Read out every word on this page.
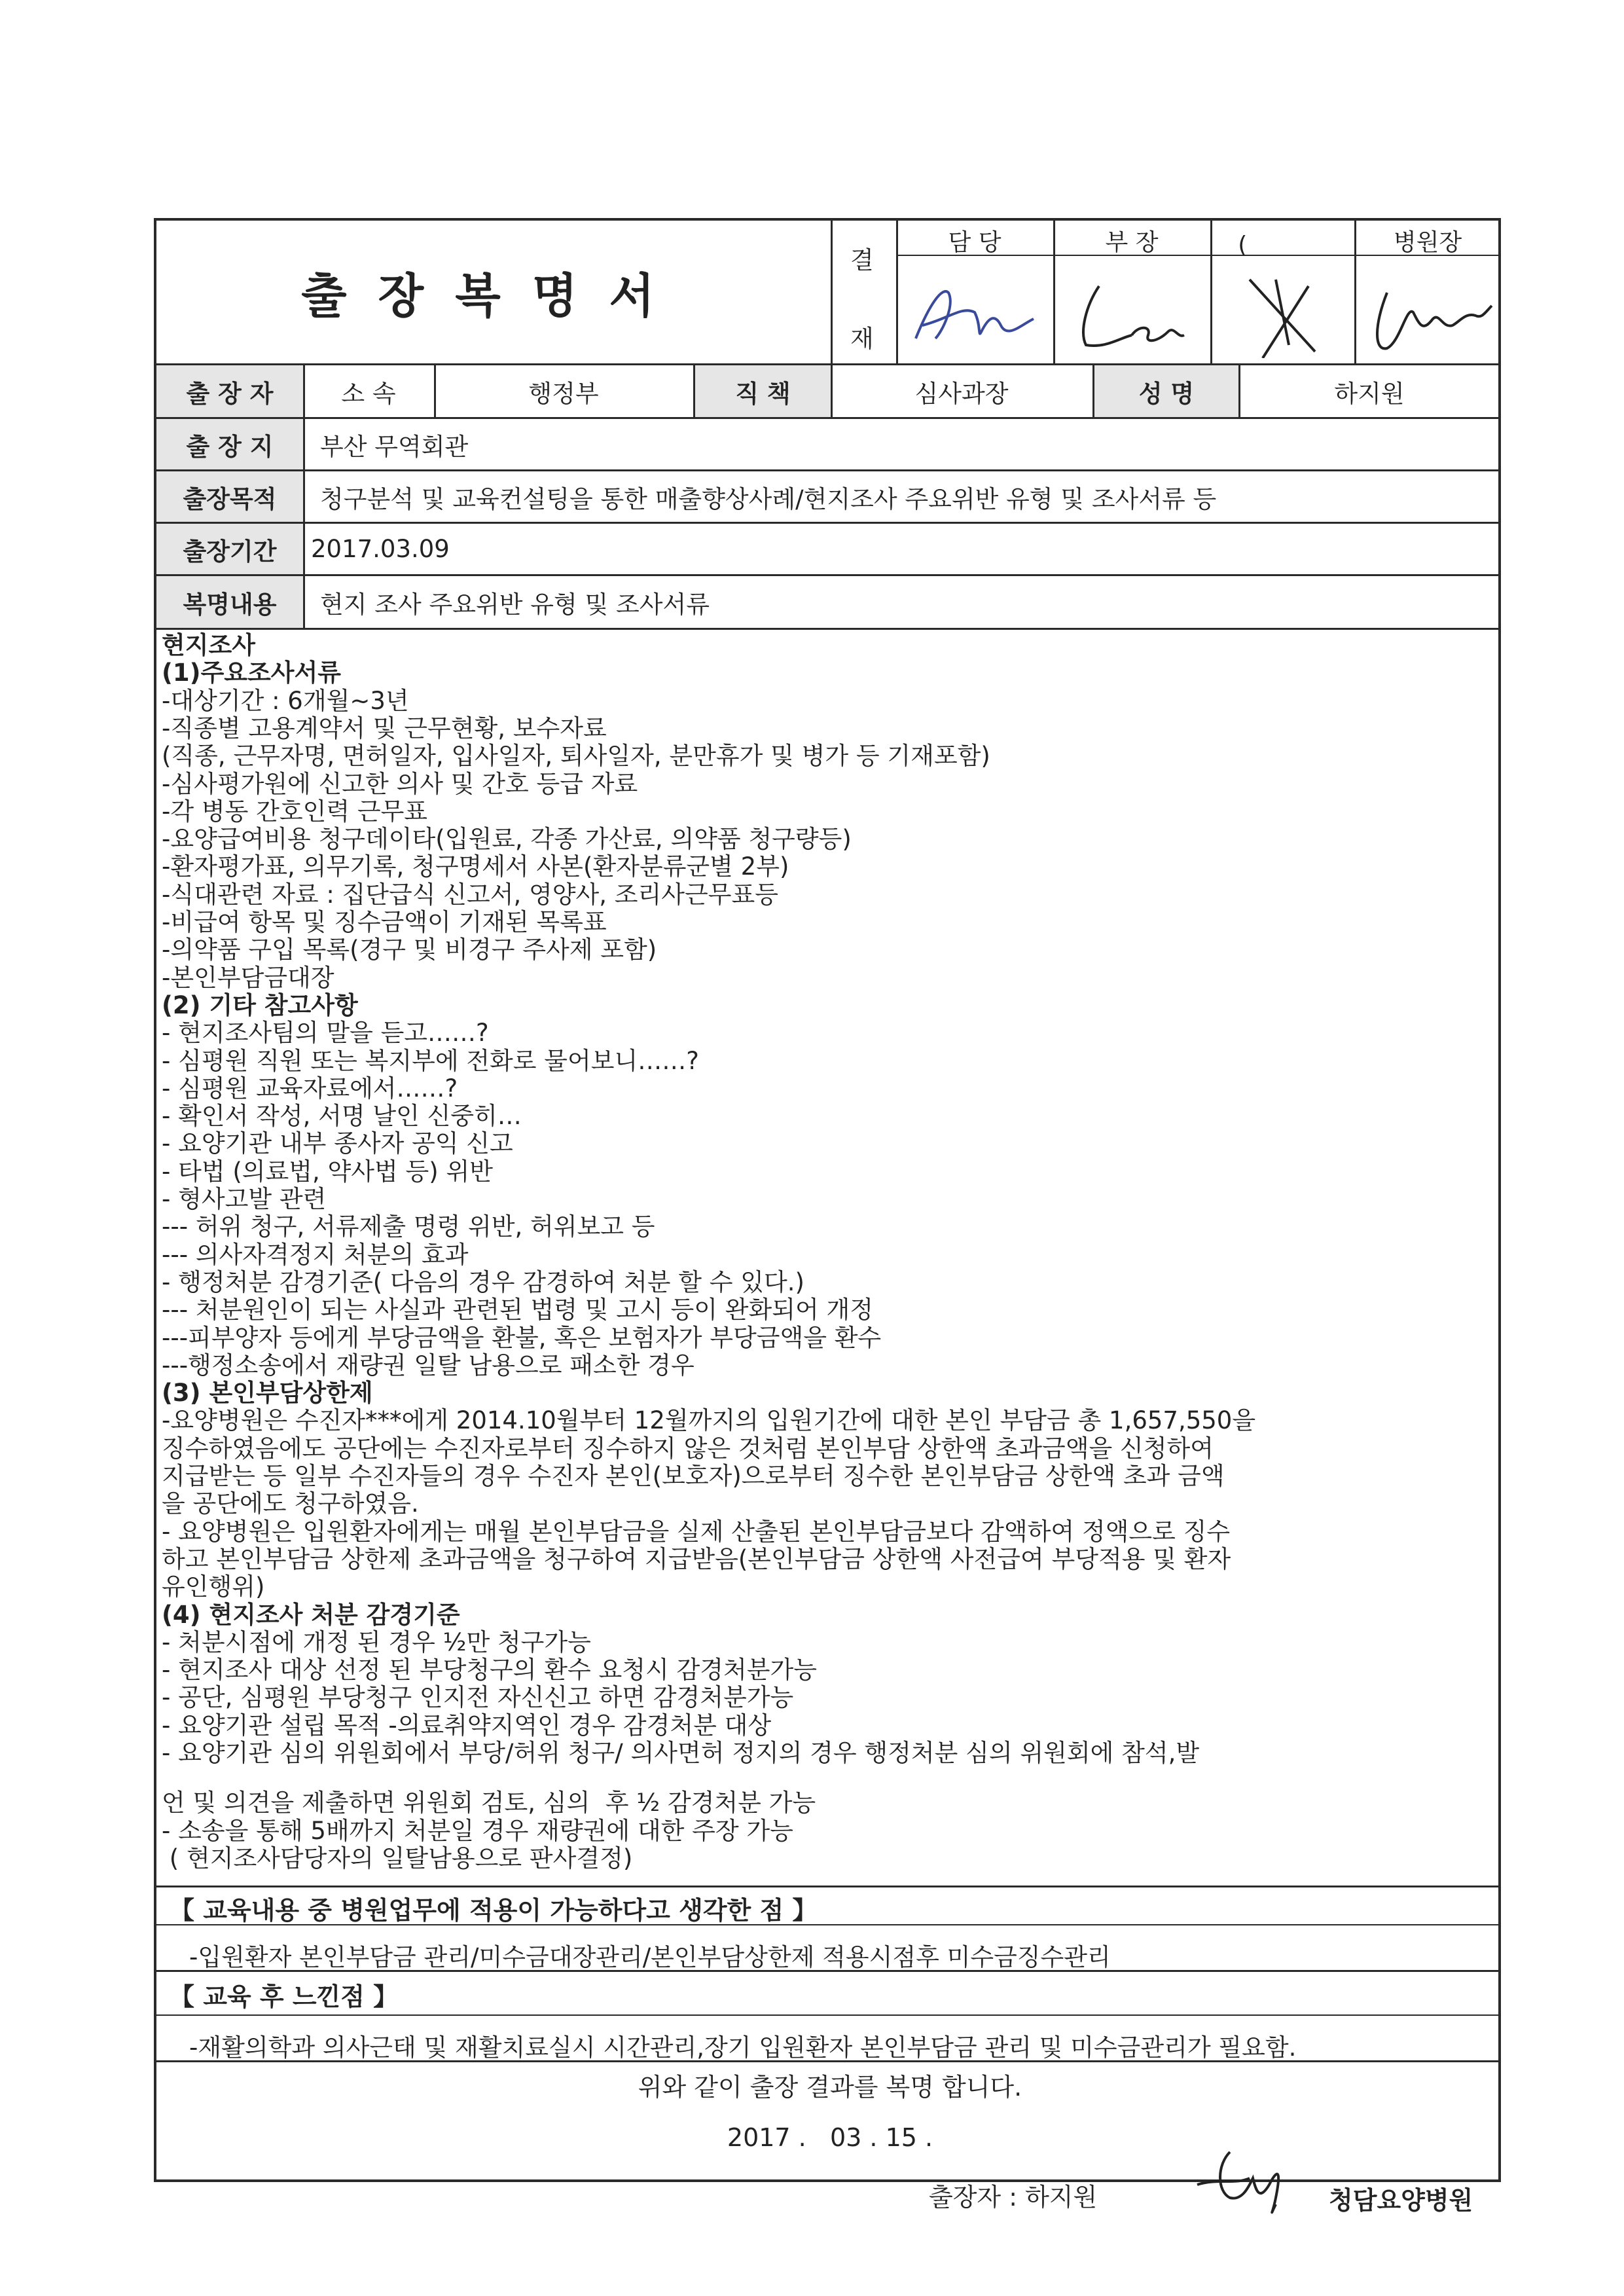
출장복명서
결
재
담 당	부 장	(	병원장
출 장 자	소 속	행정부	직 책	심사과장	성 명	하지원
출 장 지	부산 무역회관
출장목적	청구분석 및 교육컨설팅을 통한 매출향상사례/현지조사 주요위반 유형 및 조사서류 등
출장기간	2017.03.09
복명내용	현지 조사 주요위반 유형 및 조사서류
현지조사
(1)주요조사서류
-대상기간 : 6개월~3년
-직종별 고용계약서 및 근무현황, 보수자료
(직종, 근무자명, 면허일자, 입사일자, 퇴사일자, 분만휴가 및 병가 등 기재포함)
-심사평가원에 신고한 의사 및 간호 등급 자료
-각 병동 간호인력 근무표
-요양급여비용 청구데이타(입원료, 각종 가산료, 의약품 청구량등)
-환자평가표, 의무기록, 청구명세서 사본(환자분류군별 2부)
-식대관련 자료 : 집단급식 신고서, 영양사, 조리사근무표등
-비급여 항목 및 징수금액이 기재된 목록표
-의약품 구입 목록(경구 및 비경구 주사제 포함)
-본인부담금대장
(2) 기타 참고사항
- 현지조사팀의 말을 듣고……?
- 심평원 직원 또는 복지부에 전화로 물어보니……?
- 심평원 교육자료에서……?
- 확인서 작성, 서명 날인 신중히…
- 요양기관 내부 종사자 공익 신고
- 타법 (의료법, 약사법 등) 위반
- 형사고발 관련
--- 허위 청구, 서류제출 명령 위반, 허위보고 등
--- 의사자격정지 처분의 효과
- 행정처분 감경기준( 다음의 경우 감경하여 처분 할 수 있다.)
--- 처분원인이 되는 사실과 관련된 법령 및 고시 등이 완화되어 개정
---피부양자 등에게 부당금액을 환불, 혹은 보험자가 부당금액을 환수
---행정소송에서 재량권 일탈 남용으로 패소한 경우
(3) 본인부담상한제
-요양병원은 수진자***에게 2014.10월부터 12월까지의 입원기간에 대한 본인 부담금 총 1,657,550을
징수하였음에도 공단에는 수진자로부터 징수하지 않은 것처럼 본인부담 상한액 초과금액을 신청하여
지급받는 등 일부 수진자들의 경우 수진자 본인(보호자)으로부터 징수한 본인부담금 상한액 초과 금액
을 공단에도 청구하였음.
- 요양병원은 입원환자에게는 매월 본인부담금을 실제 산출된 본인부담금보다 감액하여 정액으로 징수
하고 본인부담금 상한제 초과금액을 청구하여 지급받음(본인부담금 상한액 사전급여 부당적용 및 환자
유인행위)
(4) 현지조사 처분 감경기준
- 처분시점에 개정 된 경우 ½만 청구가능
- 현지조사 대상 선정 된 부당청구의 환수 요청시 감경처분가능
- 공단, 심평원 부당청구 인지전 자신신고 하면 감경처분가능
- 요양기관 설립 목적 -의료취약지역인 경우 감경처분 대상
- 요양기관 심의 위원회에서 부당/허위 청구/ 의사면허 정지의 경우 행정처분 심의 위원회에 참석,발
언 및 의견을 제출하면 위원회 검토, 심의  후 ½ 감경처분 가능
- 소송을 통해 5배까지 처분일 경우 재량권에 대한 주장 가능
( 현지조사담당자의 일탈남용으로 판사결정)
【 교육내용 중 병원업무에 적용이 가능하다고 생각한 점 】
-입원환자 본인부담금 관리/미수금대장관리/본인부담상한제 적용시점후 미수금징수관리
【 교육 후 느낀점 】
-재활의학과 의사근태 및 재활치료실시 시간관리,장기 입원환자 본인부담금 관리 및 미수금관리가 필요함.
위와 같이 출장 결과를 복명 합니다.
2017 .   03 . 15 .
출장자 : 하지원	청담요양병원
